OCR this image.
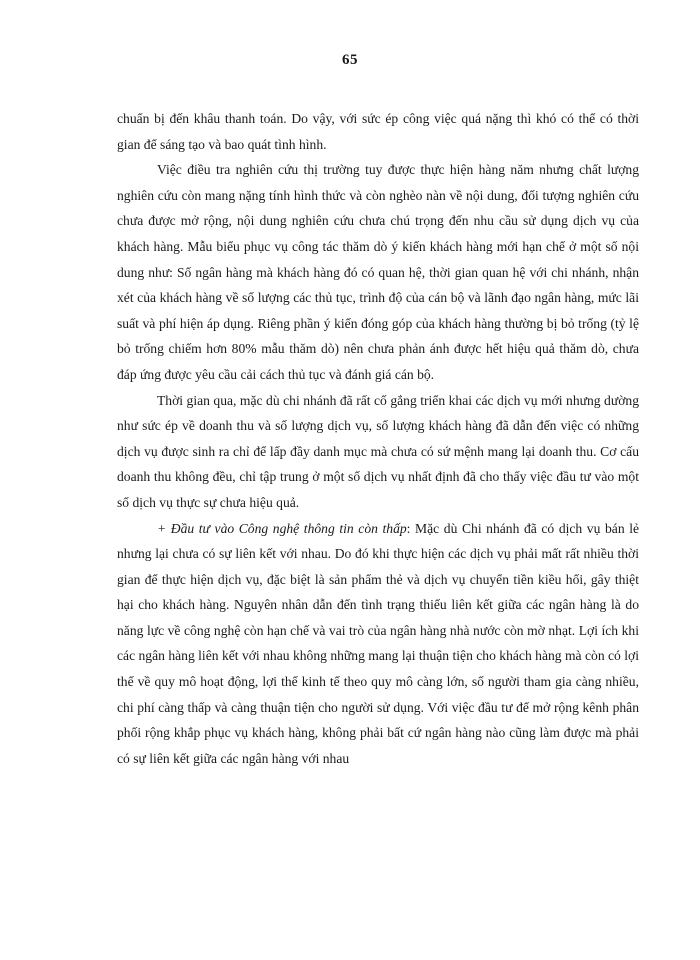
65

chuẩn bị đến khâu thanh toán. Do vậy, với sức ép công việc quá nặng thì khó có thể có thời gian để sáng tạo và bao quát tình hình.

Việc điều tra nghiên cứu thị trường tuy được thực hiện hàng năm nhưng chất lượng nghiên cứu còn mang nặng tính hình thức và còn nghèo nàn về nội dung, đối tượng nghiên cứu chưa được mở rộng, nội dung nghiên cứu chưa chú trọng đến nhu cầu sử dụng dịch vụ của khách hàng. Mẫu biểu phục vụ công tác thăm dò ý kiến khách hàng mới hạn chế ở một số nội dung như: Số ngân hàng mà khách hàng đó có quan hệ, thời gian quan hệ với chi nhánh, nhận xét của khách hàng về số lượng các thủ tục, trình độ của cán bộ và lãnh đạo ngân hàng, mức lãi suất và phí hiện áp dụng. Riêng phần ý kiến đóng góp của khách hàng thường bị bỏ trống (tỷ lệ bỏ trống chiếm hơn 80% mẫu thăm dò) nên chưa phản ánh được hết hiệu quả thăm dò, chưa đáp ứng được yêu cầu cải cách thủ tục và đánh giá cán bộ.

Thời gian qua, mặc dù chi nhánh đã rất cố gắng triển khai các dịch vụ mới nhưng dường như sức ép về doanh thu và số lượng dịch vụ, số lượng khách hàng đã dẫn đến việc có những dịch vụ được sinh ra chỉ để lấp đầy danh mục mà chưa có sứ mệnh mang lại doanh thu. Cơ cấu doanh thu không đều, chỉ tập trung ở một số dịch vụ nhất định đã cho thấy việc đầu tư vào một số dịch vụ thực sự chưa hiệu quả.

+ Đầu tư vào Công nghệ thông tin còn thấp: Mặc dù Chi nhánh đã có dịch vụ bán lẻ nhưng lại chưa có sự liên kết với nhau. Do đó khi thực hiện các dịch vụ phải mất rất nhiều thời gian để thực hiện dịch vụ, đặc biệt là sản phẩm thẻ và dịch vụ chuyển tiền kiều hối, gây thiệt hại cho khách hàng. Nguyên nhân dẫn đến tình trạng thiếu liên kết giữa các ngân hàng là do năng lực về công nghệ còn hạn chế và vai trò của ngân hàng nhà nước còn mờ nhạt. Lợi ích khi các ngân hàng liên kết với nhau không những mang lại thuận tiện cho khách hàng mà còn có lợi thế về quy mô hoạt động, lợi thế kinh tế theo quy mô càng lớn, số người tham gia càng nhiều, chi phí càng thấp và càng thuận tiện cho người sử dụng. Với việc đầu tư để mở rộng kênh phân phối rộng khắp phục vụ khách hàng, không phải bất cứ ngân hàng nào cũng làm được mà phải có sự liên kết giữa các ngân hàng với nhau
